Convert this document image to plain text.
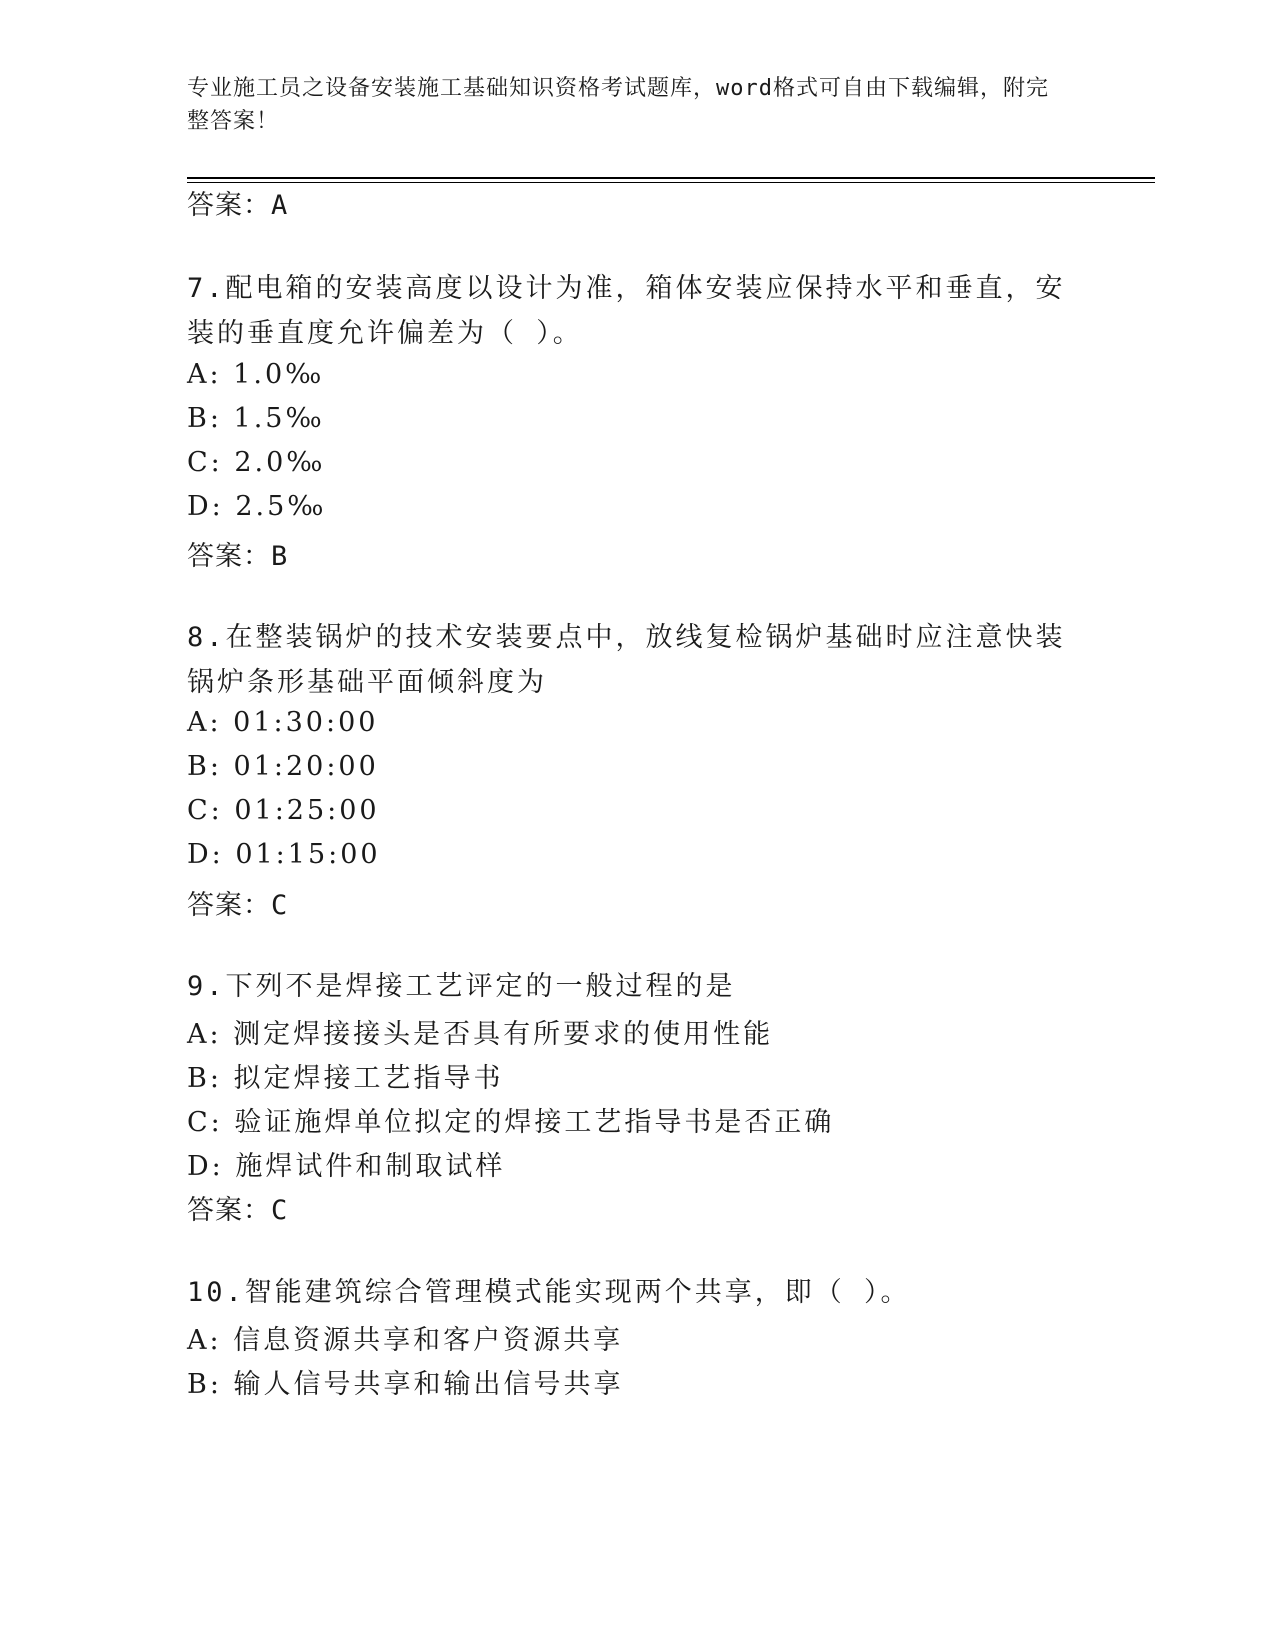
专业施工员之设备安装施工基础知识资格考试题库，word格式可自由下载编辑，附完整答案！
答案：A

7.配电箱的安装高度以设计为准，箱体安装应保持水平和垂直，安装的垂直度允许偏差为（ ）。

A: 1.0‰
B: 1.5‰
C: 2.0‰
D: 2.5‰
答案：B

8.在整装锅炉的技术安装要点中，放线复检锅炉基础时应注意快装锅炉条形基础平面倾斜度为

A: 01:30:00
B: 01:20:00
C: 01:25:00
D: 01:15:00
答案：C

9.下列不是焊接工艺评定的一般过程的是

A: 测定焊接接头是否具有所要求的使用性能
B: 拟定焊接工艺指导书
C: 验证施焊单位拟定的焊接工艺指导书是否正确
D: 施焊试件和制取试样
答案：C

10.智能建筑综合管理模式能实现两个共享，即（ ）。

A: 信息资源共享和客户资源共享
B: 输人信号共享和输出信号共享
